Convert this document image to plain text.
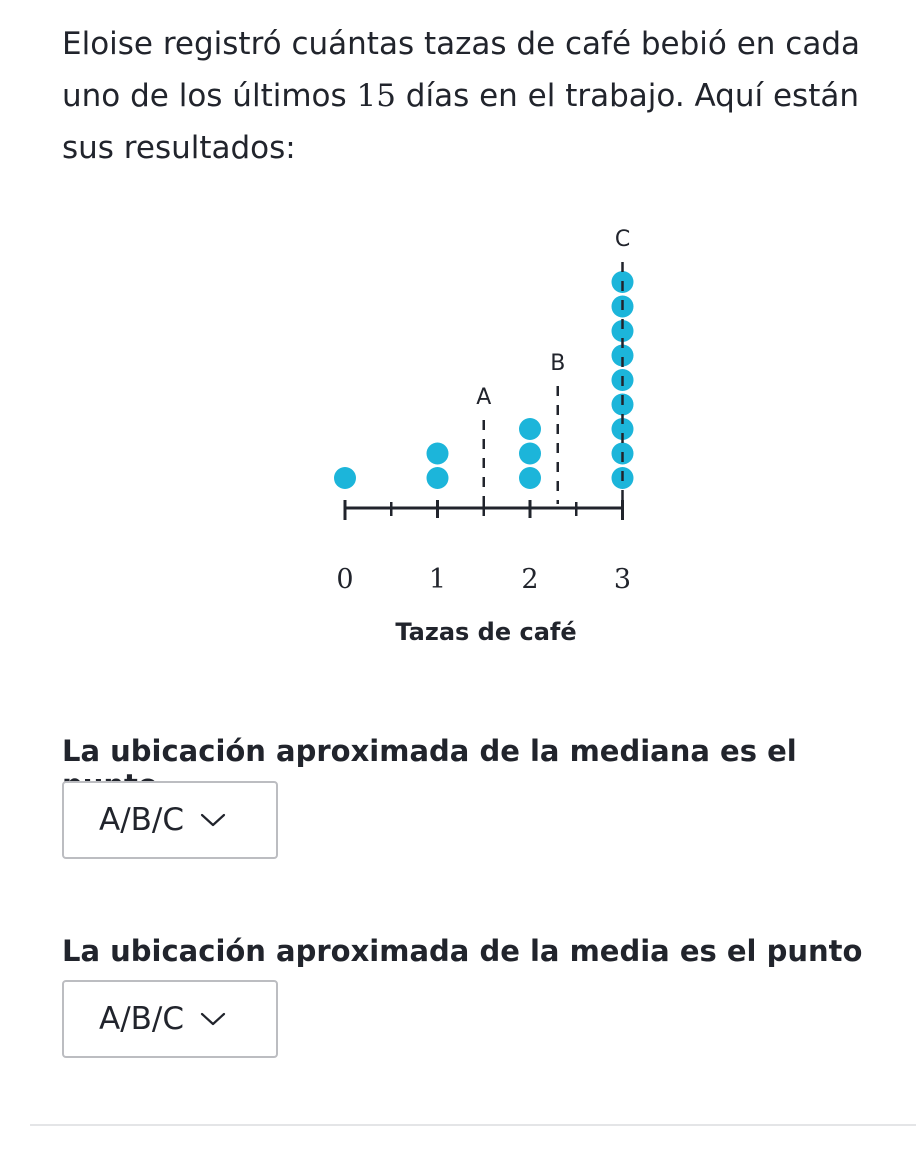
Eloise registró cuántas tazas de café bebió en cada uno de los últimos 15 días en el trabajo. Aquí están sus resultados:

0	1	2	3
Tazas de café
A
B
C

La ubicación aproximada de la mediana es el

A/B/C

La ubicación aproximada de la media es el punto

A/B/C
